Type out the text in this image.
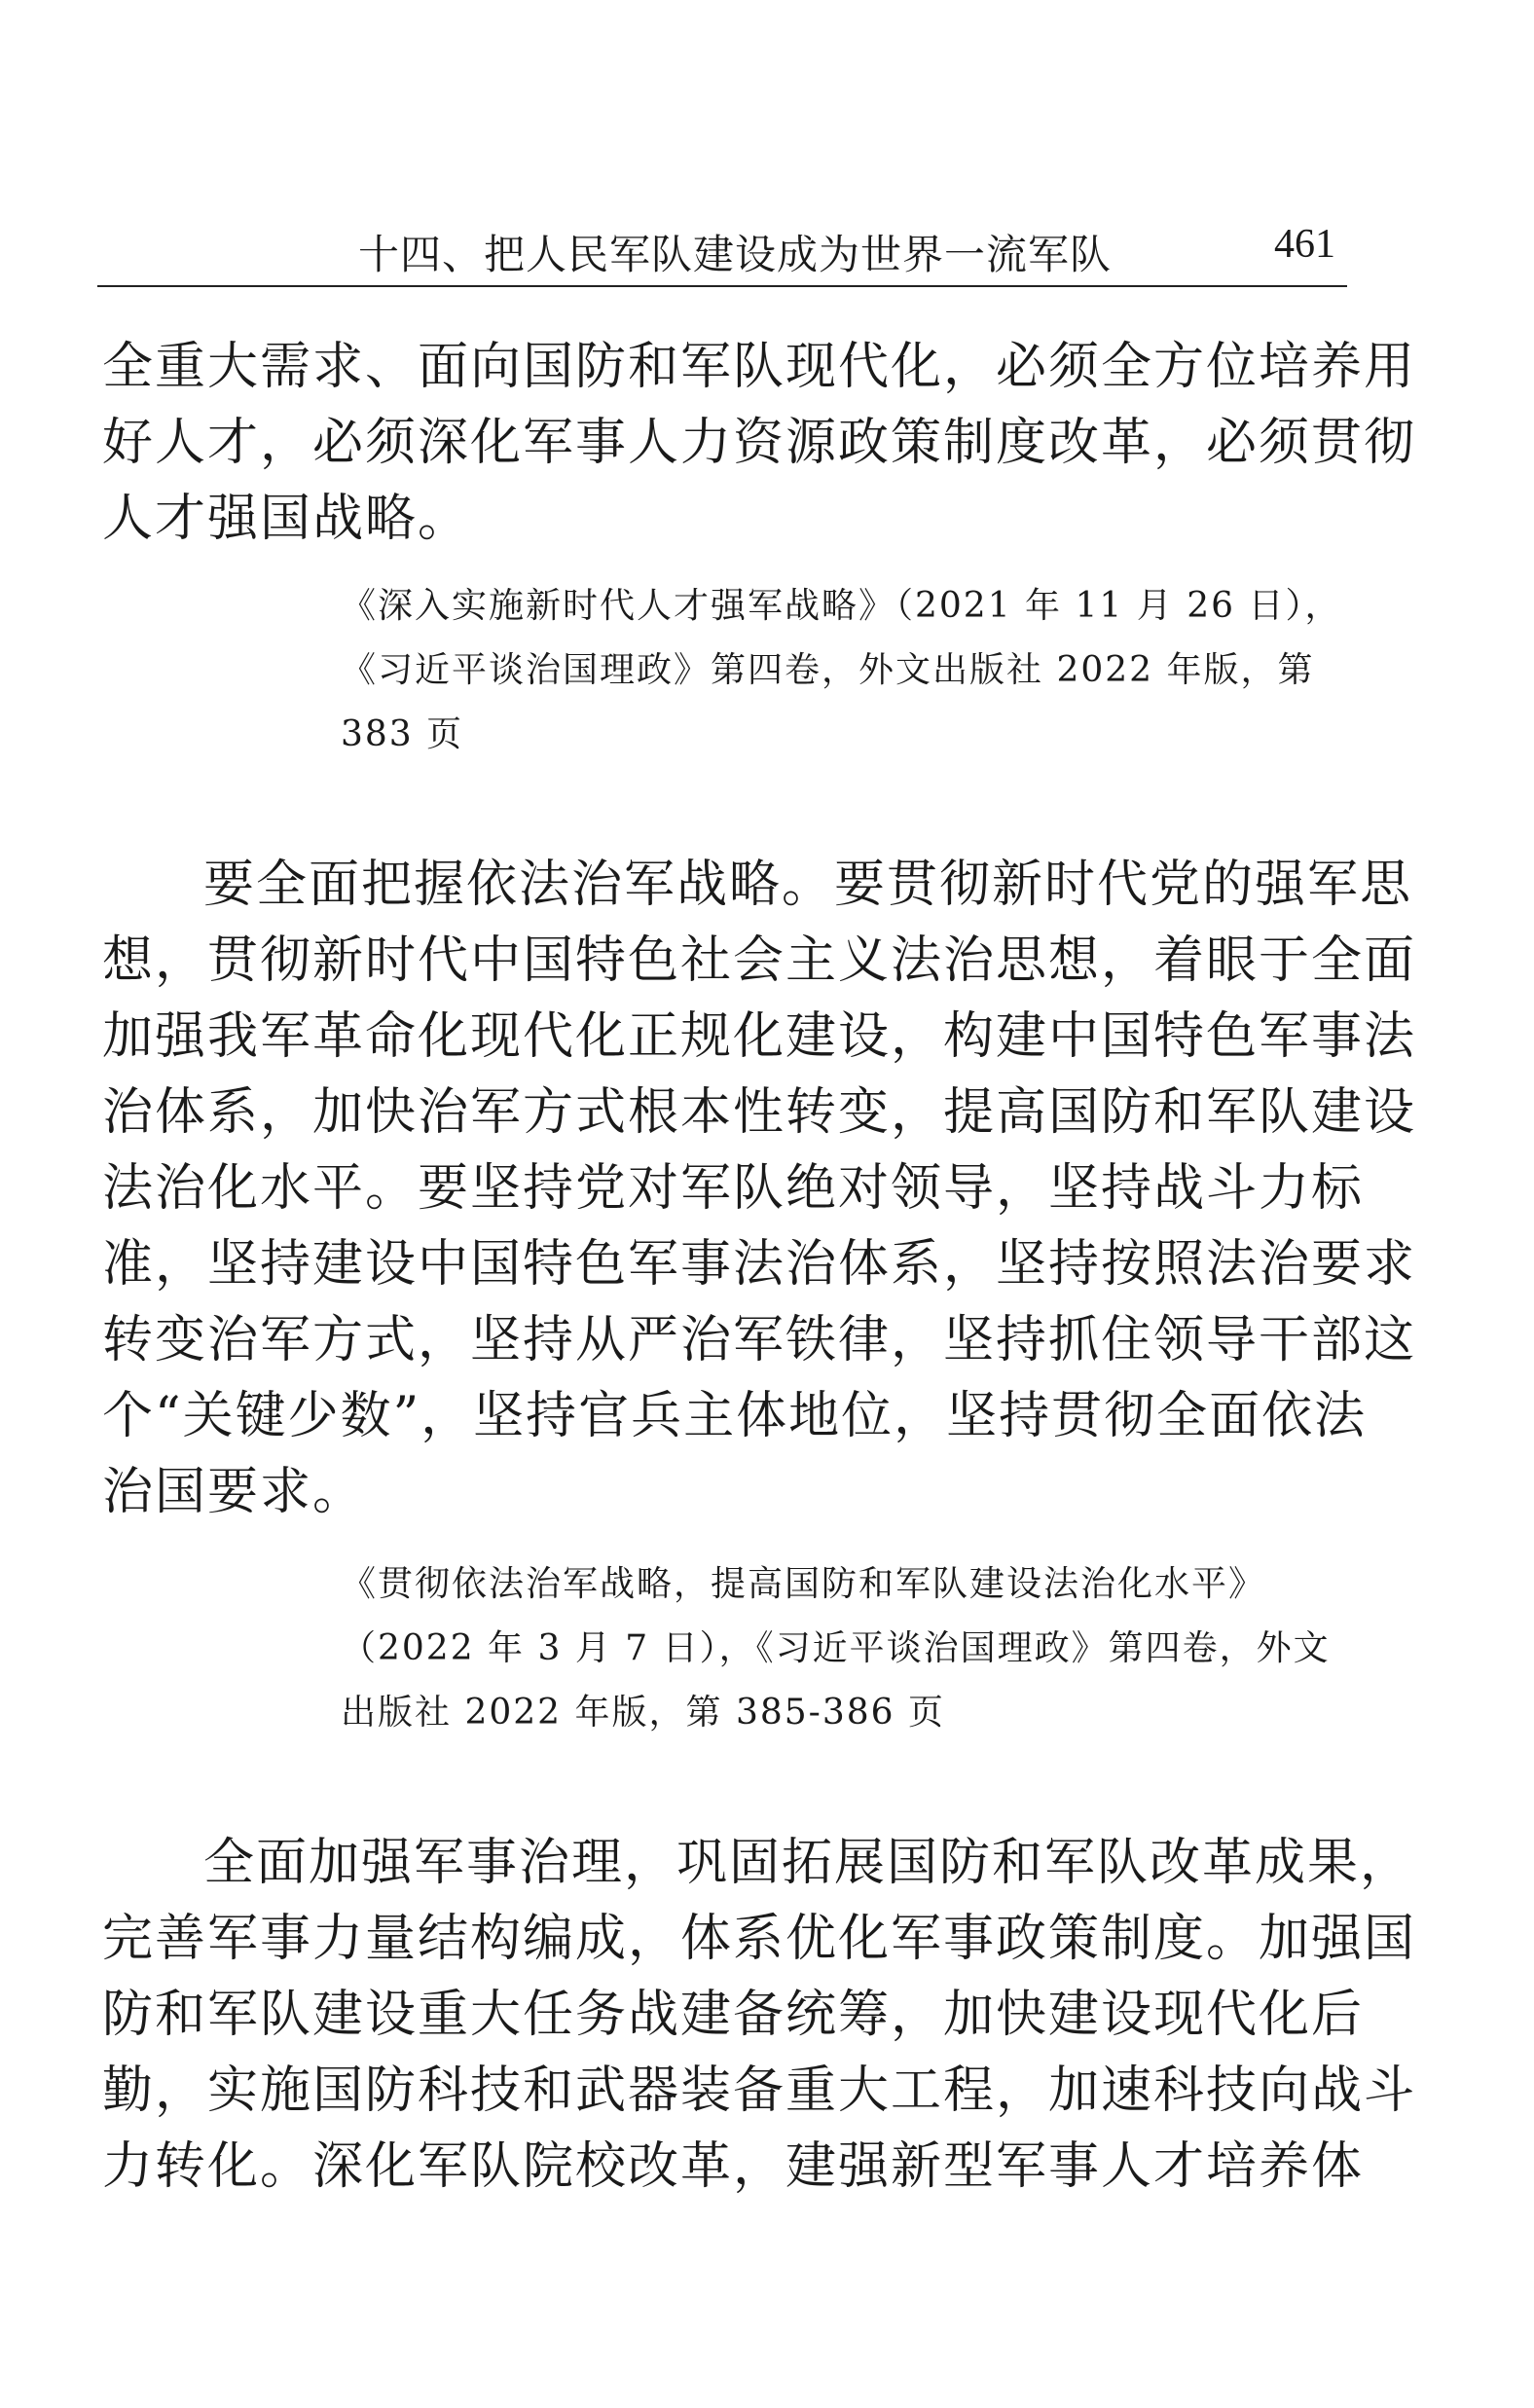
十四、把人民军队建设成为世界一流军队	461

全重大需求、面向国防和军队现代化，必须全方位培养用
好人才，必须深化军事人力资源政策制度改革，必须贯彻
人才强国战略。

《深入实施新时代人才强军战略》（2021 年 11 月 26 日），
《习近平谈治国理政》第四卷，外文出版社 2022 年版，第
383 页

要全面把握依法治军战略。要贯彻新时代党的强军思
想，贯彻新时代中国特色社会主义法治思想，着眼于全面
加强我军革命化现代化正规化建设，构建中国特色军事法
治体系，加快治军方式根本性转变，提高国防和军队建设
法治化水平。要坚持党对军队绝对领导，坚持战斗力标
准，坚持建设中国特色军事法治体系，坚持按照法治要求
转变治军方式，坚持从严治军铁律，坚持抓住领导干部这
个“关键少数”，坚持官兵主体地位，坚持贯彻全面依法
治国要求。

《贯彻依法治军战略，提高国防和军队建设法治化水平》
（2022 年 3 月 7 日），《习近平谈治国理政》第四卷，外文
出版社 2022 年版，第 385-386 页

全面加强军事治理，巩固拓展国防和军队改革成果，
完善军事力量结构编成，体系优化军事政策制度。加强国
防和军队建设重大任务战建备统筹，加快建设现代化后
勤，实施国防科技和武器装备重大工程，加速科技向战斗
力转化。深化军队院校改革，建强新型军事人才培养体
